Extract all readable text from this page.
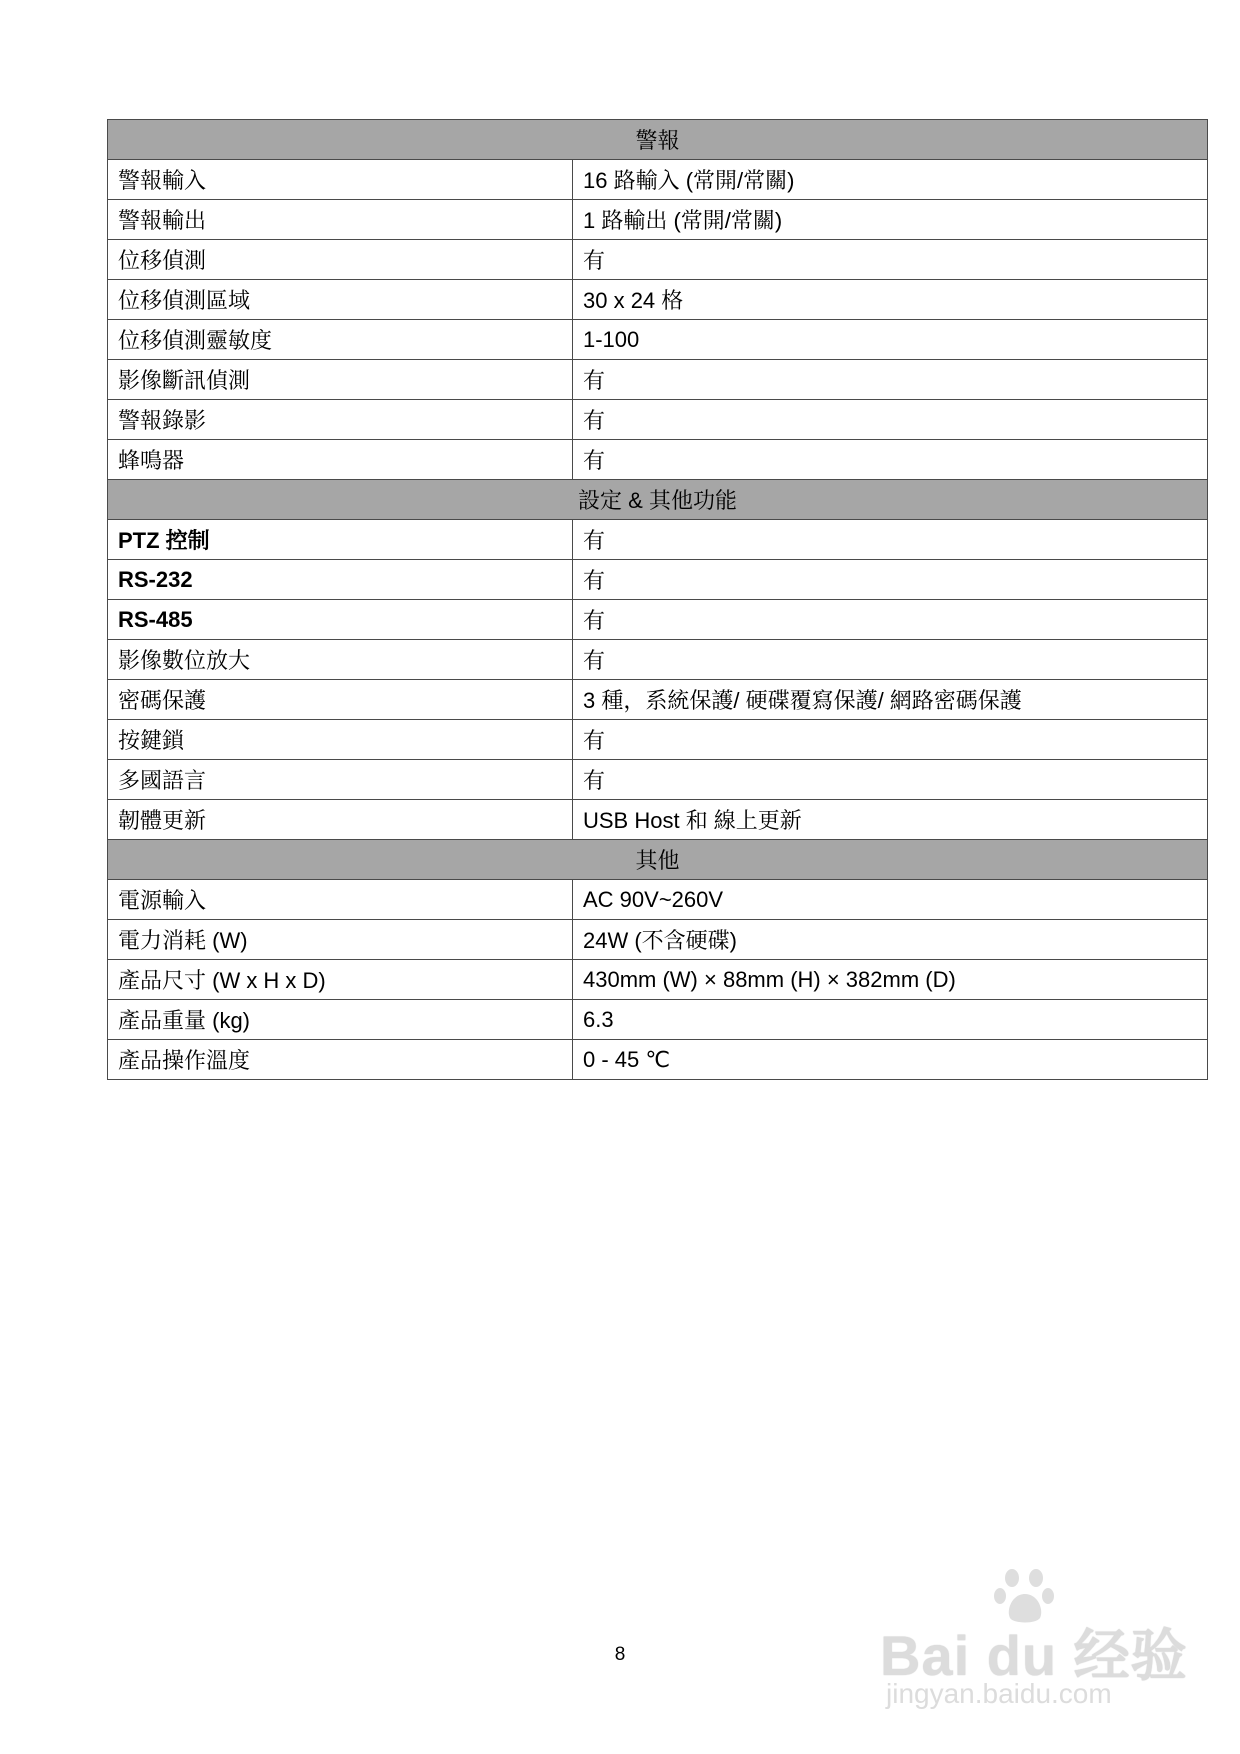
警報	
警報輸入	16 路輸入 (常開/常關)
警報輸出	1 路輸出 (常開/常關)
位移偵測	有
位移偵測區域	30 x 24 格
位移偵測靈敏度	1-100
影像斷訊偵測	有
警報錄影	有
蜂鳴器	有
設定 & 其他功能	
PTZ 控制	有
RS-232	有
RS-485	有
影像數位放大	有
密碼保護	3 種，系統保護/ 硬碟覆寫保護/ 網路密碼保護
按鍵鎖	有
多國語言	有
韌體更新	USB Host 和 線上更新
其他	
電源輸入	AC 90V~260V
電力消耗 (W)	24W (不含硬碟)
產品尺寸 (W x H x D)	430mm (W) × 88mm (H) × 382mm (D)
產品重量 (kg)	6.3
產品操作溫度	0 - 45 ℃
8	Bai du 经验
jingyan.baidu.com
